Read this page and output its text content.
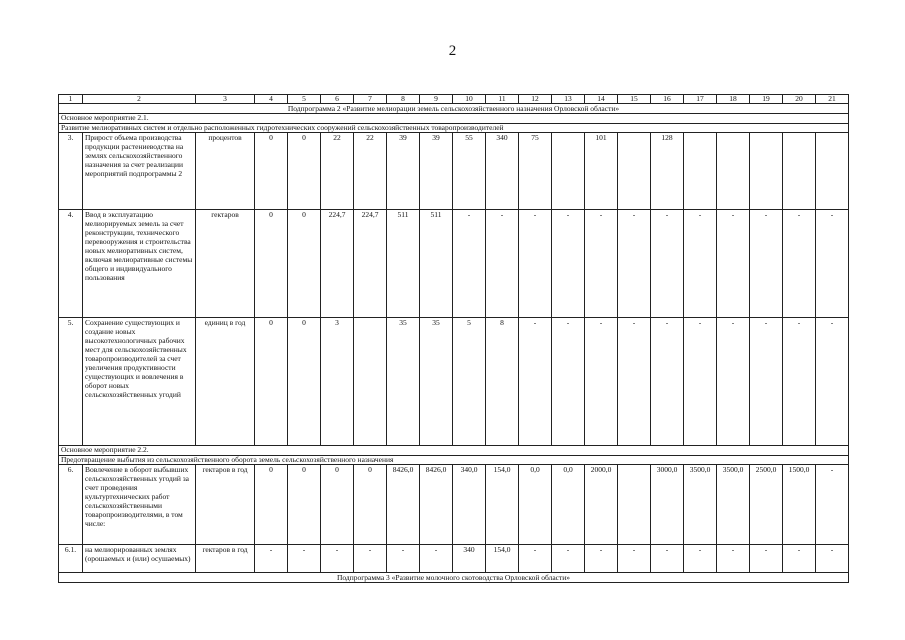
2
1	2	3	4	5	6	7	8	9	10	11	12	13	14	15	16	17	18	19	20	21
Подпрограмма 2 «Развитие мелиорации земель сельскохозяйственного назначения Орловской области»																				
Основное мероприятие 2.1.																				
Развитие мелиоративных систем и отдельно расположенных гидротехнических сооружений сельскохозяйственных товаропроизводителей																				
3.	Прирост объема производства продукции растениеводства на землях сельскохозяйственного назначения за счет реализации мероприятий подпрограммы 2	процентов	0	0	22	22	39	39	55	340	75		101		128					
4.	Ввод в эксплуатацию мелиорируемых земель за счет реконструкции, технического перевооружения и строительства новых мелиоративных систем, включая мелиоративные системы общего и индивидуального пользования	гектаров	0	0	224,7	224,7	511	511	-	-	-	-	-	-	-	-	-	-	-	-
5.	Сохранение существующих и создание новых высокотехнологичных рабочих мест для сельскохозяйственных товаропроизводителей за счет увеличения продуктивности существующих и вовлечения в оборот новых сельскохозяйственных угодий	единиц в год	0	0	3		35	35	5	8	-	-	-	-	-	-	-	-	-	-
Основное мероприятие 2.2.																				
Предотвращение выбытия из сельскохозяйственного оборота земель сельскохозяйственного назначения																				
6.	Вовлечение в оборот выбывших сельскохозяйственных угодий за счет проведения культуртехнических работ сельскохозяйственными товаропроизводителями, в том числе:	гектаров в год	0	0	0	0	8426,0	8426,0	340,0	154,0	0,0	0,0	2000,0		3000,0	3500,0	3500,0	2500,0	1500,0	-
6.1.	на мелиорированных землях (орошаемых и (или) осушаемых)	гектаров в год	-	-	-	-	-	-	340	154,0	-	-	-	-	-	-	-	-	-	-
Подпрограмма 3 «Развитие молочного скотоводства Орловской области»																				
